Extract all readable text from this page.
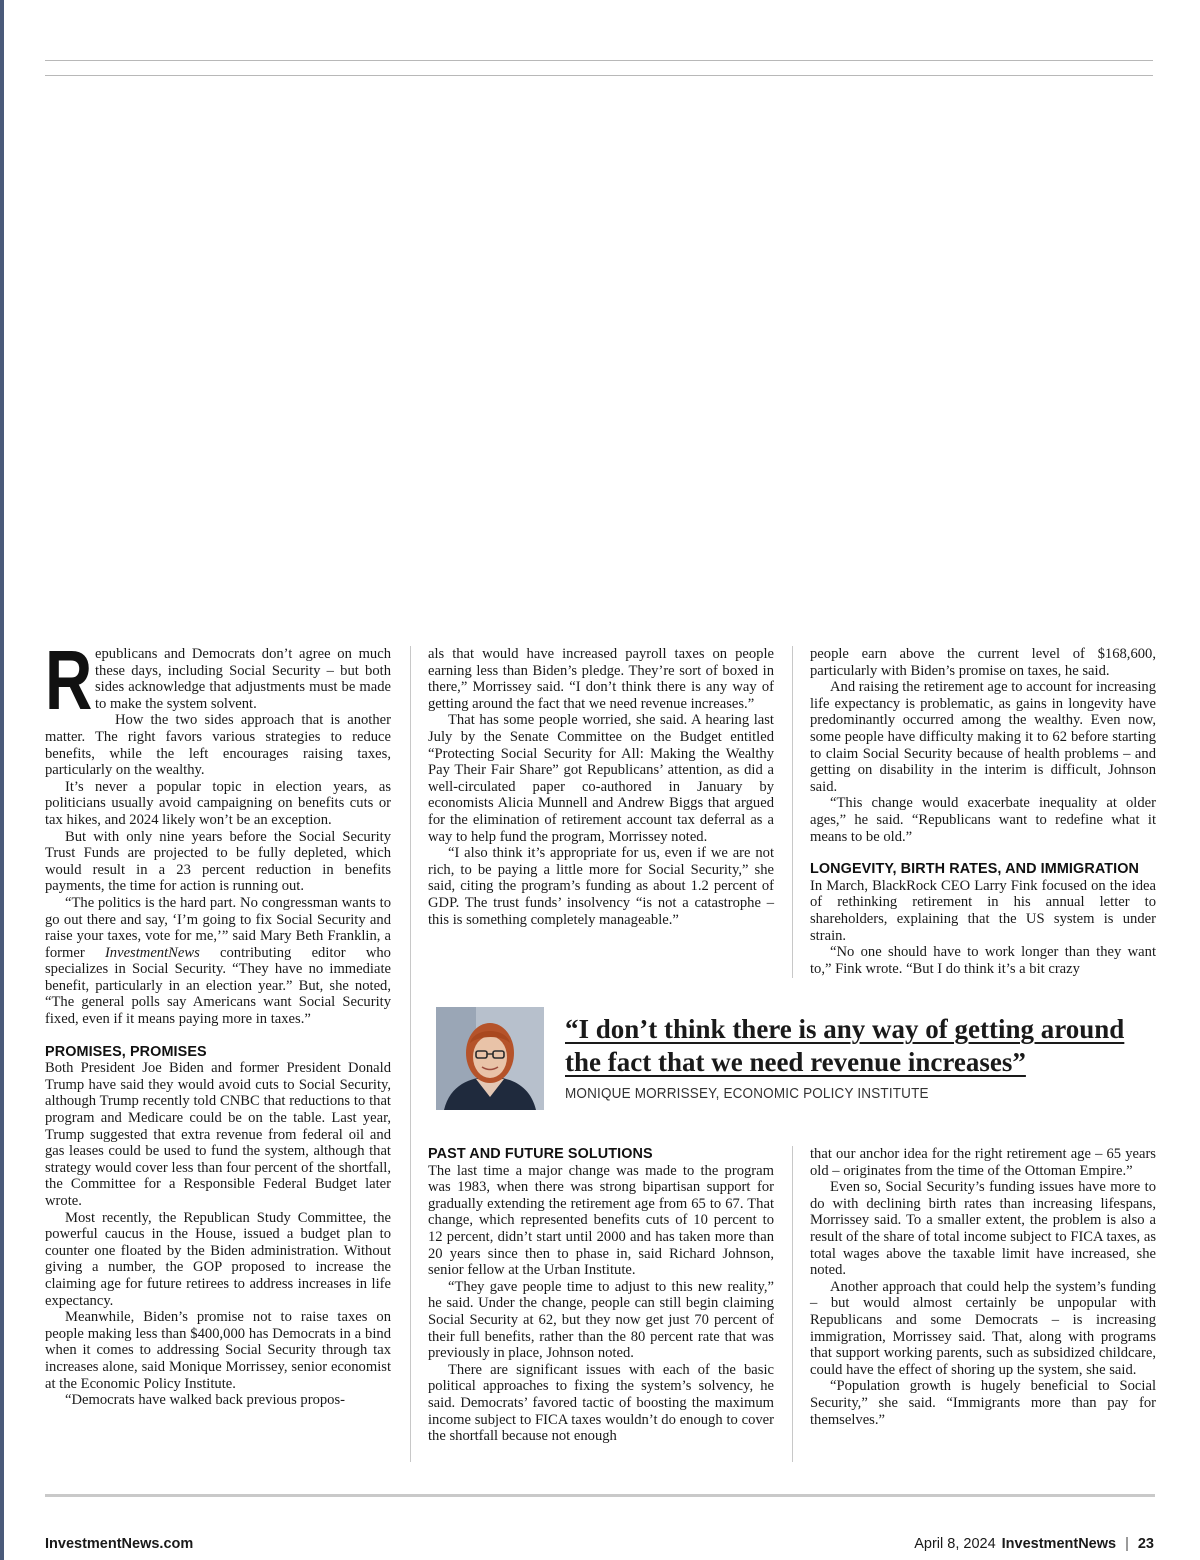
Republicans and Democrats don’t agree on much these days, including Social Security – but both sides acknowledge that adjustments must be made to make the system solvent.

How the two sides approach that is another matter. The right favors various strategies to reduce benefits, while the left encourages raising taxes, particularly on the wealthy.

It’s never a popular topic in election years, as politicians usually avoid campaigning on benefits cuts or tax hikes, and 2024 likely won’t be an exception.

But with only nine years before the Social Security Trust Funds are projected to be fully depleted, which would result in a 23 percent reduction in benefits payments, the time for action is running out.

“The politics is the hard part. No congressman wants to go out there and say, ‘I’m going to fix Social Security and raise your taxes, vote for me,’” said Mary Beth Franklin, a former InvestmentNews contributing editor who specializes in Social Security. “They have no immediate benefit, particularly in an election year.” But, she noted, “The general polls say Americans want Social Security fixed, even if it means paying more in taxes.”

PROMISES, PROMISES

Both President Joe Biden and former President Donald Trump have said they would avoid cuts to Social Security, although Trump recently told CNBC that reductions to that program and Medicare could be on the table. Last year, Trump suggested that extra revenue from federal oil and gas leases could be used to fund the system, although that strategy would cover less than four percent of the shortfall, the Committee for a Responsible Federal Budget later wrote.

Most recently, the Republican Study Committee, the powerful caucus in the House, issued a budget plan to counter one floated by the Biden administration. Without giving a number, the GOP proposed to increase the claiming age for future retirees to address increases in life expectancy.

Meanwhile, Biden’s promise not to raise taxes on people making less than $400,000 has Democrats in a bind when it comes to addressing Social Security through tax increases alone, said Monique Morrissey, senior economist at the Economic Policy Institute.

“Democrats have walked back previous propos-

als that would have increased payroll taxes on people earning less than Biden’s pledge. They’re sort of boxed in there,” Morrissey said. “I don’t think there is any way of getting around the fact that we need revenue increases.”

That has some people worried, she said. A hearing last July by the Senate Committee on the Budget entitled “Protecting Social Security for All: Making the Wealthy Pay Their Fair Share” got Republicans’ attention, as did a well-circulated paper co-authored in January by economists Alicia Munnell and Andrew Biggs that argued for the elimination of retirement account tax deferral as a way to help fund the program, Morrissey noted.

“I also think it’s appropriate for us, even if we are not rich, to be paying a little more for Social Security,” she said, citing the program’s funding as about 1.2 percent of GDP. The trust funds’ insolvency “is not a catastrophe – this is something completely manageable.”

people earn above the current level of $168,600, particularly with Biden’s promise on taxes, he said.

And raising the retirement age to account for increasing life expectancy is problematic, as gains in longevity have predominantly occurred among the wealthy. Even now, some people have difficulty making it to 62 before starting to claim Social Security because of health problems – and getting on disability in the interim is difficult, Johnson said.

“This change would exacerbate inequality at older ages,” he said. “Republicans want to redefine what it means to be old.”

LONGEVITY, BIRTH RATES, AND IMMIGRATION

In March, BlackRock CEO Larry Fink focused on the idea of rethinking retirement in his annual letter to shareholders, explaining that the US system is under strain.

“No one should have to work longer than they want to,” Fink wrote. “But I do think it’s a bit crazy

“I don’t think there is any way of getting around
the fact that we need revenue increases”
MONIQUE MORRISSEY, ECONOMIC POLICY INSTITUTE
PAST AND FUTURE SOLUTIONS

The last time a major change was made to the program was 1983, when there was strong bipartisan support for gradually extending the retirement age from 65 to 67. That change, which represented benefits cuts of 10 percent to 12 percent, didn’t start until 2000 and has taken more than 20 years since then to phase in, said Richard Johnson, senior fellow at the Urban Institute.

“They gave people time to adjust to this new reality,” he said. Under the change, people can still begin claiming Social Security at 62, but they now get just 70 percent of their full benefits, rather than the 80 percent rate that was previously in place, Johnson noted.

There are significant issues with each of the basic political approaches to fixing the system’s solvency, he said. Democrats’ favored tactic of boosting the maximum income subject to FICA taxes wouldn’t do enough to cover the shortfall because not enough

that our anchor idea for the right retirement age – 65 years old – originates from the time of the Ottoman Empire.”

Even so, Social Security’s funding issues have more to do with declining birth rates than increasing lifespans, Morrissey said. To a smaller extent, the problem is also a result of the share of total income subject to FICA taxes, as total wages above the taxable limit have increased, she noted.

Another approach that could help the system’s funding – but would almost certainly be unpopular with Republicans and some Democrats – is increasing immigration, Morrissey said. That, along with programs that support working parents, such as subsidized childcare, could have the effect of shoring up the system, she said.

“Population growth is hugely beneficial to Social Security,” she said. “Immigrants more than pay for themselves.”

InvestmentNews.com	April 8, 2024 InvestmentNews | 23
